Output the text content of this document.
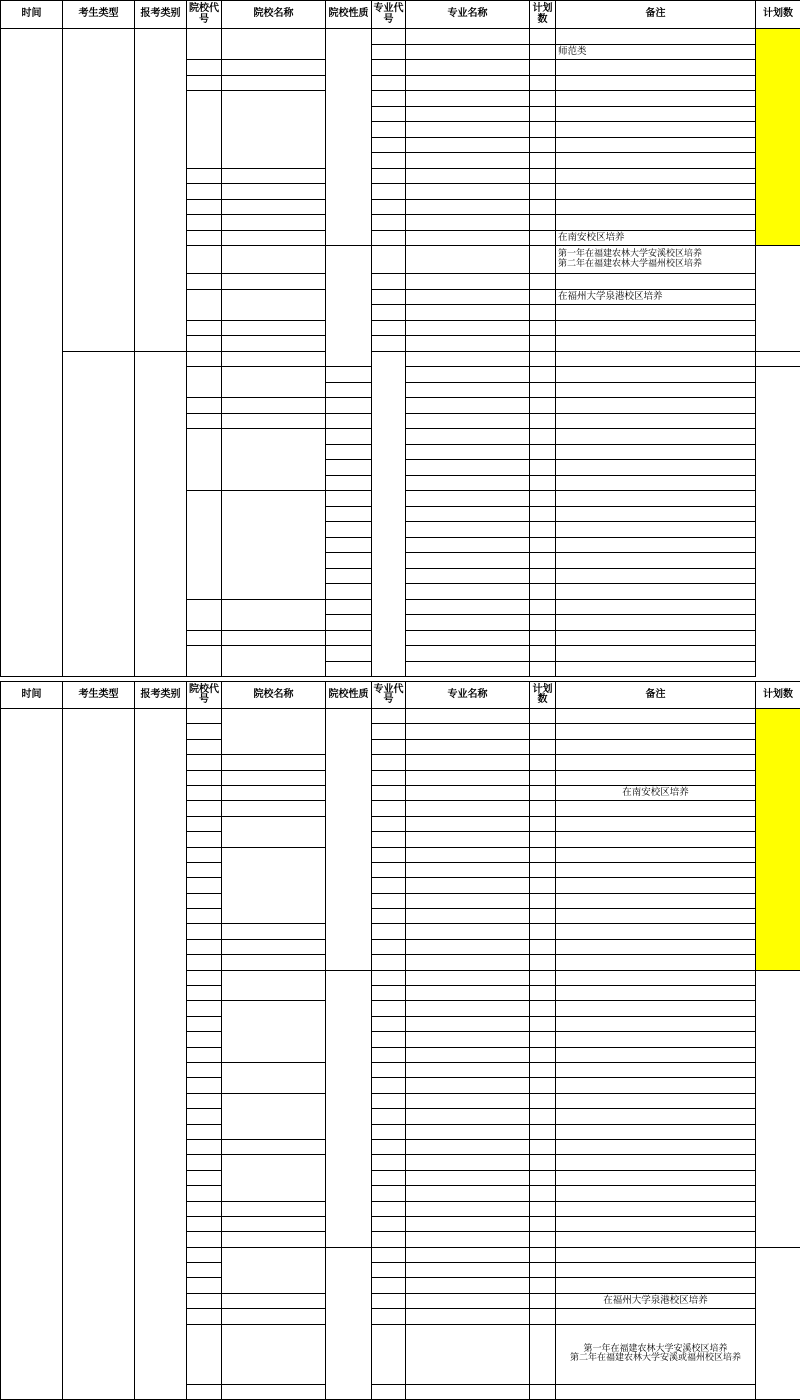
时间	考生类型	报考类别	院校代号	院校名称	院校性质	专业代号	专业名称	计划数	备注	计划数	

									师范类		

									在南安校区培养		
									第一年在福建农林大学安溪校区培养
第二年在福建农林大学福州校区培养		

									在福州大学泉港校区培养		

时间	考生类型	报考类别	院校代号	院校名称	院校性质	专业代号	专业名称	计划数	备注	计划数

									在南安校区培养	

									在福州大学泉港校区培养	

									第一年在福建农林大学安溪校区培养
第二年在福建农林大学安溪或福州校区培养	
